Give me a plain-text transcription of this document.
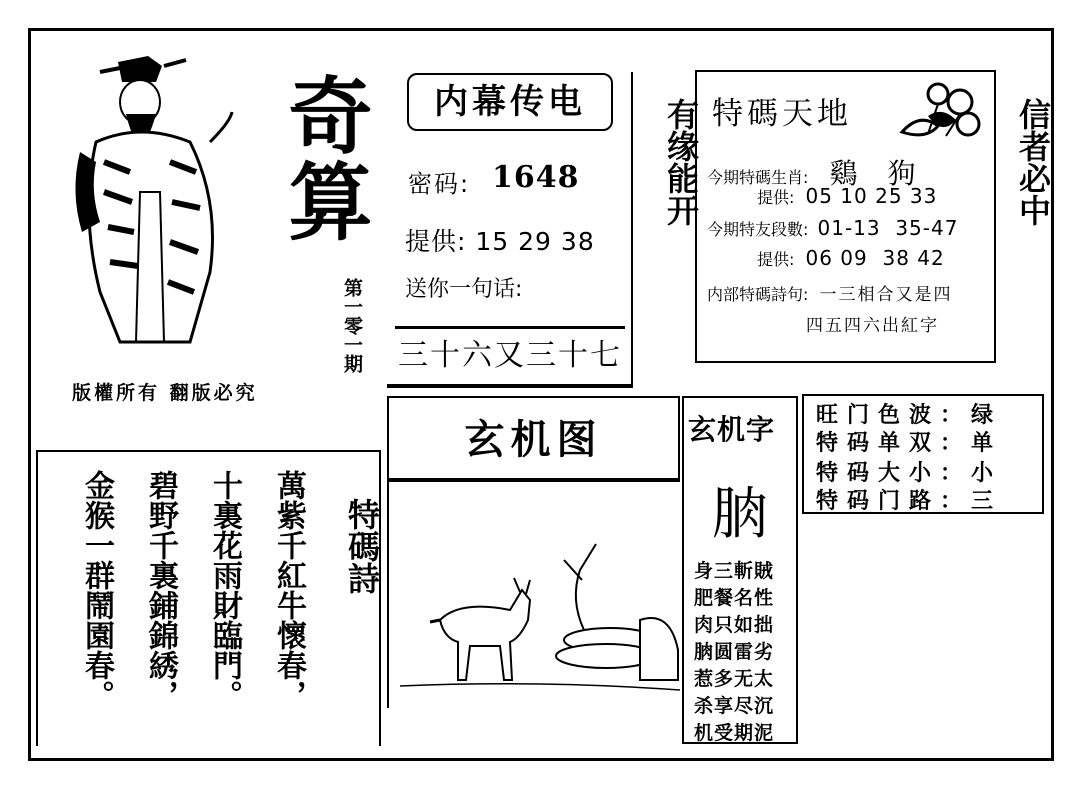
奇算
第一零一期
版權所有 翻版必究
内幕传电
密码: 1648
提供: 15 29 38
送你一句话:
三十六又三十七
有缘能开	信者必中
特碼天地
今期特碼生肖: 鷄狗
提供: 05 10 25 33
今期特友段數: 01-13  35-47
提供: 06 09  38 42
内部特碼詩句: 一三相合又是四
四五四六出紅字
旺门色波：绿
特码单双：单
特码大小：小
特码门路：三
萬紫千紅牛懷春，
十裏花雨財臨門。
碧野千裏鋪錦綉，
金猴一群鬧園春。	特碼詩
玄机图	玄机字
朒
身三斬賊
肥餐名性
肉只如拙
朒圆雷劣
惹多无太
杀享尽沉
机受期泥
